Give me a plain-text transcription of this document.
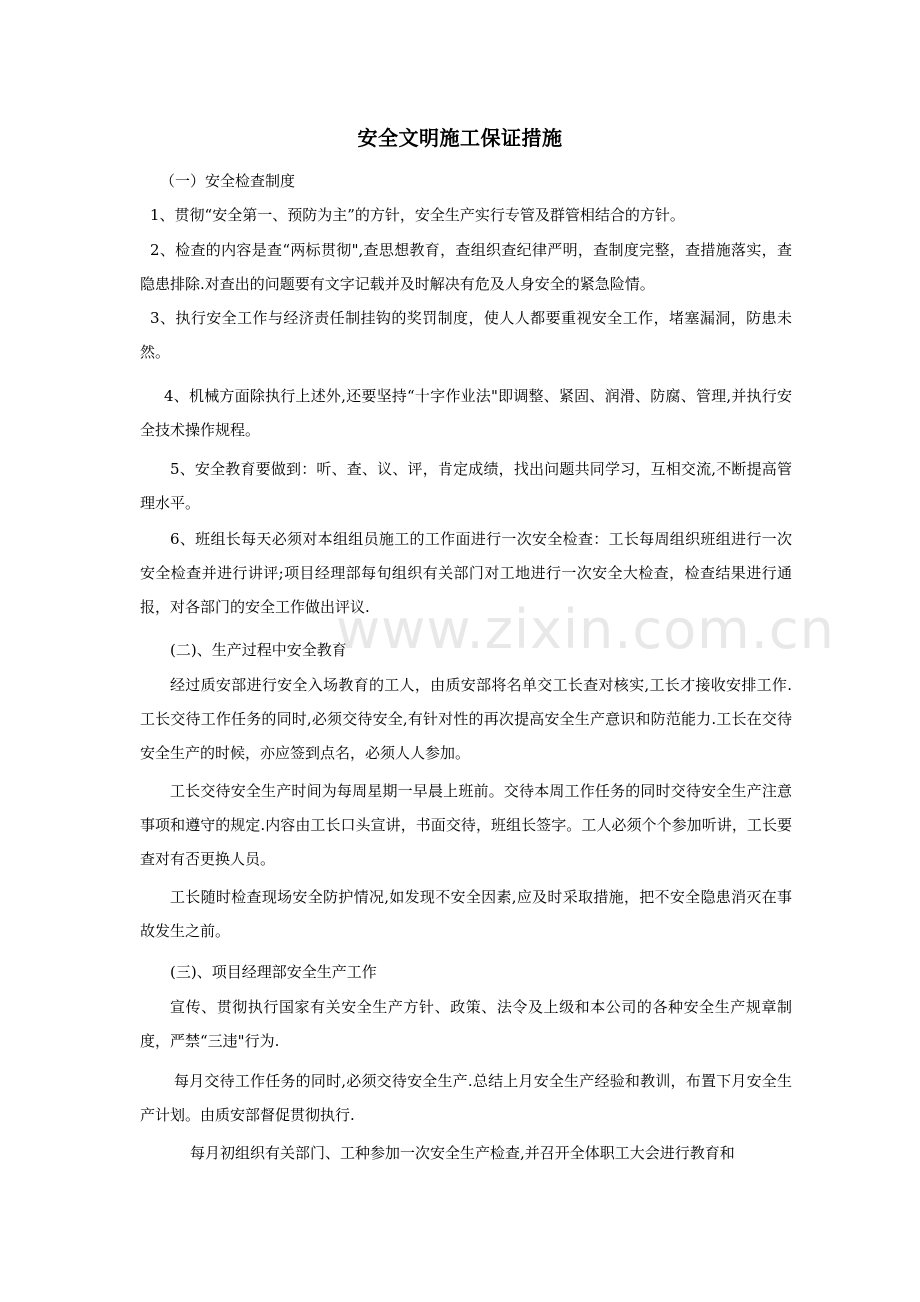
安全文明施工保证措施

（一）安全检查制度

1、贯彻“安全第一、预防为主”的方针，安全生产实行专管及群管相结合的方针。

2、检查的内容是查“两标贯彻",查思想教育，查组织查纪律严明，查制度完整，查措施落实，查隐患排除.对查出的问题要有文字记载并及时解决有危及人身安全的紧急险情。

3、执行安全工作与经济责任制挂钩的奖罚制度，使人人都要重视安全工作，堵塞漏洞，防患未然。

4、机械方面除执行上述外,还要坚持“十字作业法"即调整、紧固、润滑、防腐、管理,并执行安全技术操作规程。

5、安全教育要做到：听、查、议、评，肯定成绩，找出问题共同学习，互相交流,不断提高管理水平。

6、班组长每天必须对本组组员施工的工作面进行一次安全检查：工长每周组织班组进行一次安全检查并进行讲评;项目经理部每旬组织有关部门对工地进行一次安全大检查，检查结果进行通报，对各部门的安全工作做出评议.

(二)、生产过程中安全教育

经过质安部进行安全入场教育的工人，由质安部将名单交工长查对核实,工长才接收安排工作.工长交待工作任务的同时,必须交待安全,有针对性的再次提高安全生产意识和防范能力.工长在交待安全生产的时候，亦应签到点名，必须人人参加。

工长交待安全生产时间为每周星期一早晨上班前。交待本周工作任务的同时交待安全生产注意事项和遵守的规定.内容由工长口头宣讲，书面交待，班组长签字。工人必须个个参加听讲，工长要查对有否更换人员。

工长随时检查现场安全防护情况,如发现不安全因素,应及时采取措施，把不安全隐患消灭在事故发生之前。

(三)、项目经理部安全生产工作

宣传、贯彻执行国家有关安全生产方针、政策、法令及上级和本公司的各种安全生产规章制度，严禁“三违"行为.

每月交待工作任务的同时,必须交待安全生产.总结上月安全生产经验和教训，布置下月安全生产计划。由质安部督促贯彻执行.

每月初组织有关部门、工种参加一次安全生产检查,并召开全体职工大会进行教育和

www.zixin.com.cn
